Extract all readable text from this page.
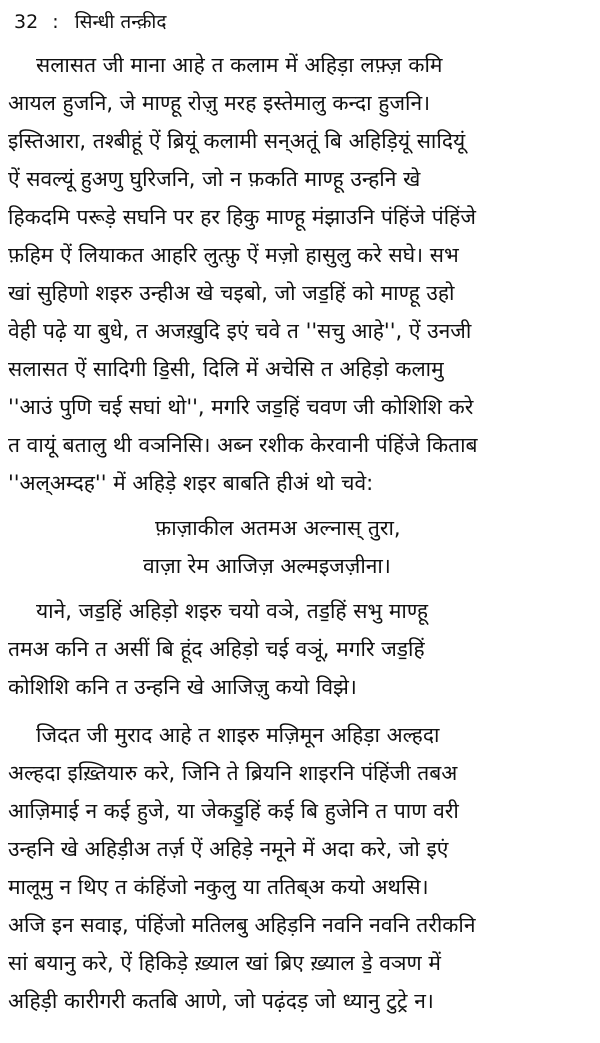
32 : सिन्धी तन्क़ीद
सलासत जी माना आहे त कलाम में अहिड़ा लफ़्ज़ कमि
आयल हुजनि, जे माण्हू रोज़ु मरह इस्तेमालु कन्दा हुजनि।
इस्तिआरा, तश्बीहूं ऐं ब्रियूं कलामी सन्अतूं बि अहिड़ियूं सादियूं
ऐं सवल्यूं हुअणु घुरिजनि, जो न फ़कति माण्हू उन्हनि खे
हिकदमि परूड़े सघनि पर हर हिकु माण्हू मंझाउनि पंहिंजे पंहिंजे
फ़हिम ऐं लियाकत आहरि लुत्फ़ु ऐं मज़ो हासुलु करे सघे। सभ
खां सुहिणो शइरु उन्हीअ खे चइबो, जो जड॒हिं को माण्हू उहो
वेही पढ़े या बुधे, त अजख़ुदि इएं चवे त ''सचु आहे'', ऐं उनजी
सलासत ऐं सादिगी डि॒सी, दिलि में अचेसि त अहिड़ो कलामु
''आउं पुणि चई सघां थो'', मगरि जड॒हिं चवण जी कोशिशि करे
त वायूं बतालु थी वञनिसि। अब्न रशीक केरवानी पंहिंजे किताब
''अल्अम्दह'' में अहिड़े शइर बाबति हीअं थो चवे:
फ़ाज़ाकील अतमअ अल्नास् तुरा,
वाज़ा रेम आजिज़ अल्मइजज़ीना।
याने, जड॒हिं अहिड़ो शइरु चयो वञे, तड॒हिं सभु माण्हू
तमअ कनि त असीं बि हूंद अहिड़ो चई वञूं, मगरि जड॒हिं
कोशिशि कनि त उन्हनि खे आजिज़ु कयो विझे।
जिदत जी मुराद आहे त शाइरु मज़िमून अहिड़ा अल्हदा
अल्हदा इख़्तियारु करे, जिनि ते ब्रियनि शाइरनि पंहिंजी तबअ
आज़िमाई न कई हुजे, या जेकडु॒हिं कई बि हुजेनि त पाण वरी
उन्हनि खे अहिड़ीअ तर्ज़ ऐं अहिड़े नमूने में अदा करे, जो इएं
मालूमु न थिए त कंहिंजो नकुलु या ततिब्अ कयो अथसि।
अजि इन सवाइ, पंहिंजो मतिलबु अहिड़नि नवनि नवनि तरीकनि
सां बयानु करे, ऐं हिकिड़े ख़्याल खां ब्रिए ख़्याल डे॒ वञण में
अहिड़ी कारीगरी कतबि आणे, जो पढ़ंदड़ जो ध्यानु टुट्रे न।
